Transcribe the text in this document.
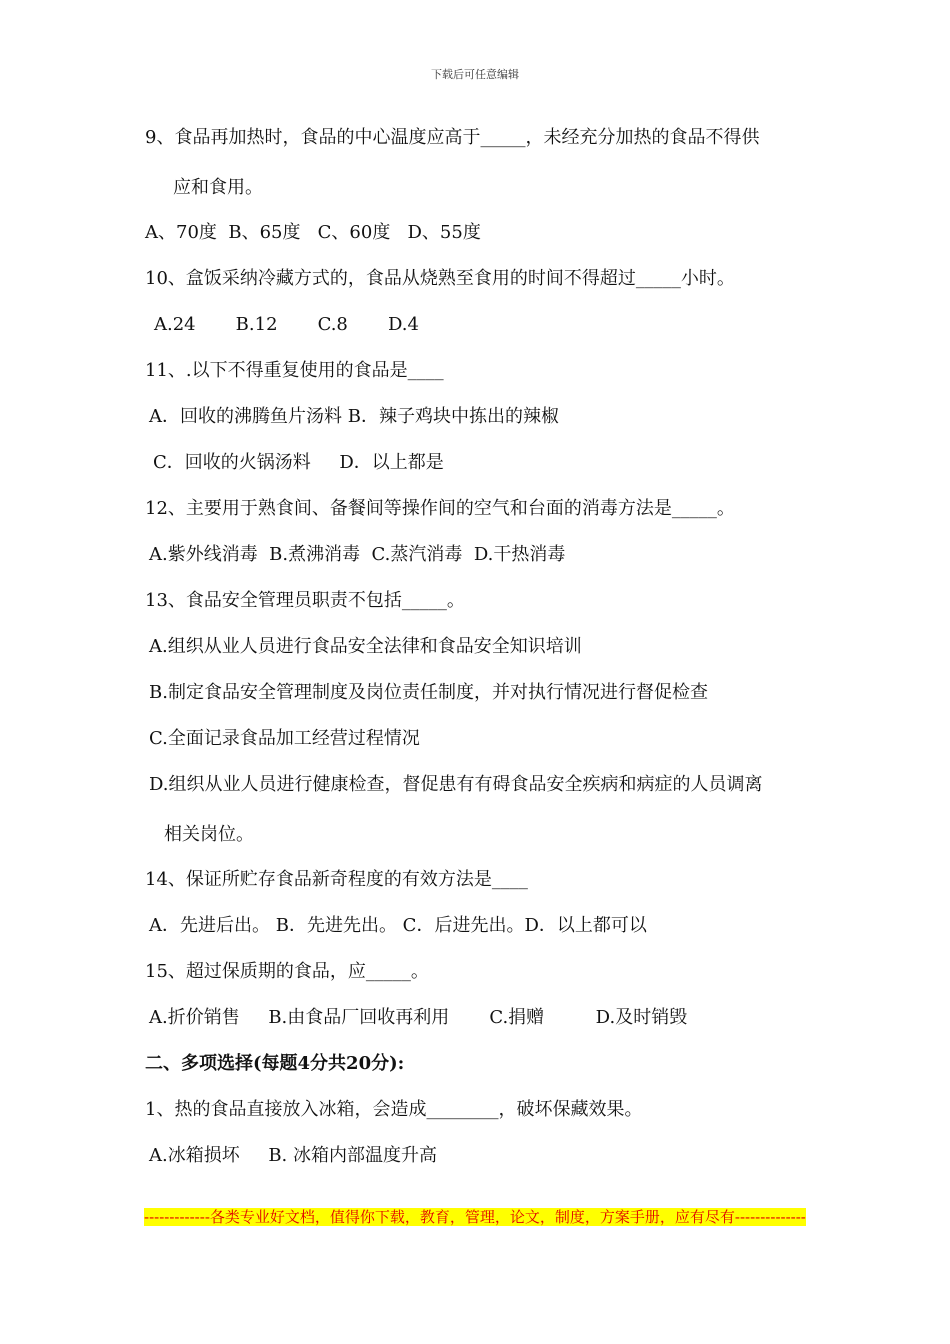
下载后可任意编辑
9、食品再加热时，食品的中心温度应高于_____，未经充分加热的食品不得供
应和食用。
A、70度  B、65度   C、60度   D、55度
10、盒饭采纳冷藏方式的，食品从烧熟至食用的时间不得超过_____小时。
A.24       B.12       C.8       D.4
11、.以下不得重复使用的食品是____
A．回收的沸腾鱼片汤料 B．辣子鸡块中拣出的辣椒
C．回收的火锅汤料     D．以上都是
12、主要用于熟食间、备餐间等操作间的空气和台面的消毒方法是_____。
A.紫外线消毒  B.煮沸消毒  C.蒸汽消毒  D.干热消毒
13、食品安全管理员职责不包括_____。
A.组织从业人员进行食品安全法律和食品安全知识培训
B.制定食品安全管理制度及岗位责任制度，并对执行情况进行督促检查
C.全面记录食品加工经营过程情况
D.组织从业人员进行健康检查，督促患有有碍食品安全疾病和病症的人员调离
相关岗位。
14、保证所贮存食品新奇程度的有效方法是____
A．先进后出。 B．先进先出。 C．后进先出。D．以上都可以
15、超过保质期的食品，应_____。
A.折价销售     B.由食品厂回收再利用       C.捐赠         D.及时销毁
二、多项选择(每题4分共20分):
1、热的食品直接放入冰箱，会造成________，破坏保藏效果。
A.冰箱损坏     B. 冰箱内部温度升高
-------------各类专业好文档，值得你下载，教育，管理，论文，制度，方案手册，应有尽有--------------
